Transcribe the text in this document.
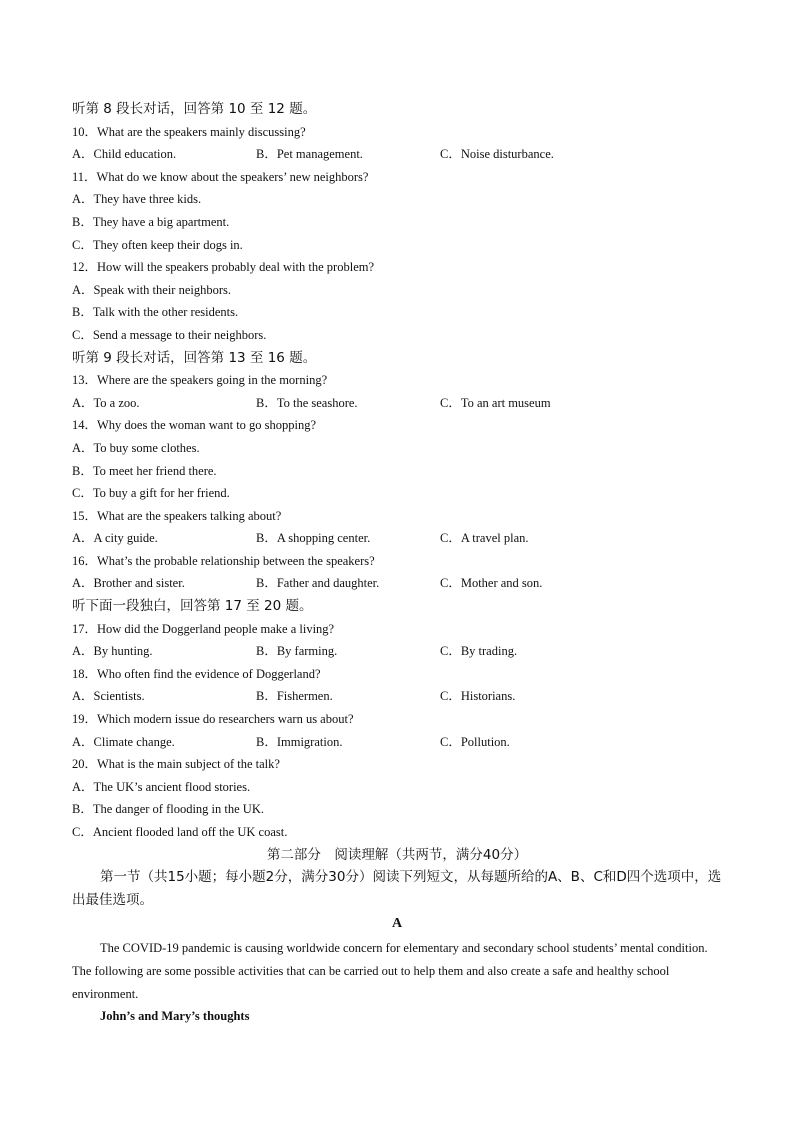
听第 8 段长对话，回答第 10 至 12 题。
10．What are the speakers mainly discussing?
A．Child education.	B．Pet management.	C．Noise disturbance.
11．What do we know about the speakers’ new neighbors?
A．They have three kids.
B．They have a big apartment.
C．They often keep their dogs in.
12．How will the speakers probably deal with the problem?
A．Speak with their neighbors.
B．Talk with the other residents.
C．Send a message to their neighbors.
听第 9 段长对话，回答第 13 至 16 题。
13．Where are the speakers going in the morning?
A．To a zoo.	B．To the seashore.	C．To an art museum
14．Why does the woman want to go shopping?
A．To buy some clothes.
B．To meet her friend there.
C．To buy a gift for her friend.
15．What are the speakers talking about?
A．A city guide.	B．A shopping center.	C．A travel plan.
16．What’s the probable relationship between the speakers?
A．Brother and sister.	B．Father and daughter.	C．Mother and son.
听下面一段独白，回答第 17 至 20 题。
17．How did the Doggerland people make a living?
A．By hunting.	B．By farming.	C．By trading.
18．Who often find the evidence of Doggerland?
A．Scientists.	B．Fishermen.	C．Historians.
19．Which modern issue do researchers warn us about?
A．Climate change.	B．Immigration.	C．Pollution.
20．What is the main subject of the talk?
A．The UK’s ancient flood stories.
B．The danger of flooding in the UK.
C．Ancient flooded land off the UK coast.
第二部分　阅读理解（共两节，满分40分）
第一节（共15小题；每小题2分，满分30分）阅读下列短文，从每题所给的A、B、C和D四个选项中，选出最佳选项。
A
The COVID-19 pandemic is causing worldwide concern for elementary and secondary school students’ mental condition. The following are some possible activities that can be carried out to help them and also create a safe and healthy school environment.
John’s and Mary’s thoughts
